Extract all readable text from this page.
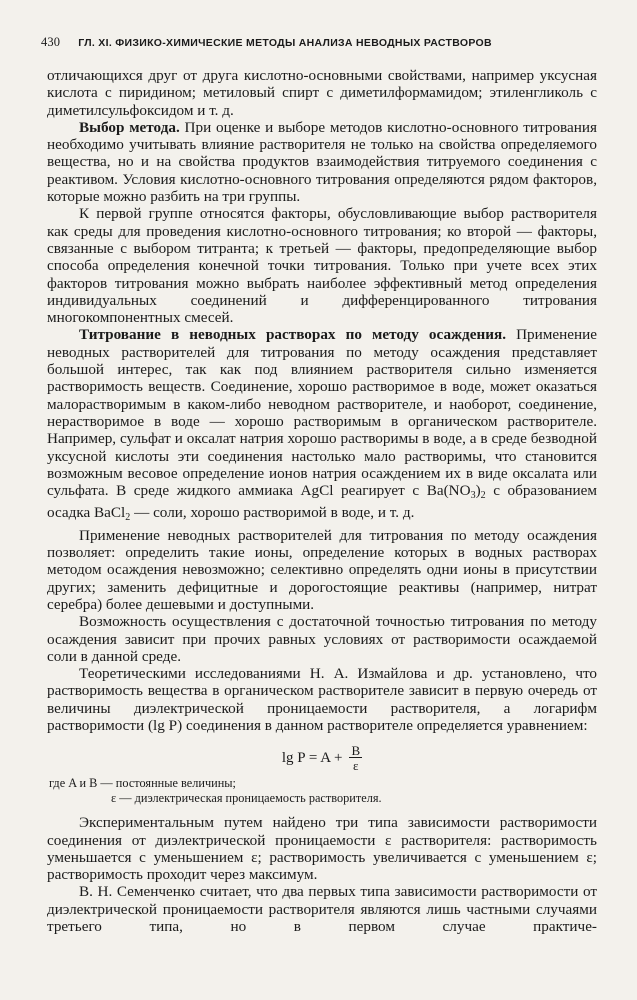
430 ГЛ. XI. ФИЗИКО-ХИМИЧЕСКИЕ МЕТОДЫ АНАЛИЗА НЕВОДНЫХ РАСТВОРОВ

отличающихся друг от друга кислотно-основными свойствами, например уксусная кислота с пиридином; метиловый спирт с диметилформамидом; этиленгликоль с диметилсульфоксидом и т. д.

Выбор метода. При оценке и выборе методов кислотно-основного титрования необходимо учитывать влияние растворителя не только на свойства определяемого вещества, но и на свойства продуктов взаимодействия титруемого соединения с реактивом. Условия кислотно-основного титрования определяются рядом факторов, которые можно разбить на три группы.

К первой группе относятся факторы, обусловливающие выбор растворителя как среды для проведения кислотно-основного титрования; ко второй — факторы, связанные с выбором титранта; к третьей — факторы, предопределяющие выбор способа определения конечной точки титрования. Только при учете всех этих факторов титрования можно выбрать наиболее эффективный метод определения индивидуальных соединений и дифференцированного титрования многокомпонентных смесей.

Титрование в неводных растворах по методу осаждения. Применение неводных растворителей для титрования по методу осаждения представляет большой интерес, так как под влиянием растворителя сильно изменяется растворимость веществ. Соединение, хорошо растворимое в воде, может оказаться малорастворимым в каком-либо неводном растворителе, и наоборот, соединение, нерастворимое в воде — хорошо растворимым в органическом растворителе. Например, сульфат и оксалат натрия хорошо растворимы в воде, а в среде безводной уксусной кислоты эти соединения настолько мало растворимы, что становится возможным весовое определение ионов натрия осаждением их в виде оксалата или сульфата. В среде жидкого аммиака AgCl реагирует с $Ba(NO_3)_2$ с образованием осадка BaCl$_2$ — соли, хорошо растворимой в воде, и т. д.

Применение неводных растворителей для титрования по методу осаждения позволяет: определить такие ионы, определение которых в водных растворах методом осаждения невозможно; селективно определять одни ионы в присутствии других; заменить дефицитные и дорогостоящие реактивы (например, нитрат серебра) более дешевыми и доступными.

Возможность осуществления с достаточной точностью титрования по методу осаждения зависит при прочих равных условиях от растворимости осаждаемой соли в данной среде.

Теоретическими исследованиями Н. А. Измайлова и др. установлено, что растворимость вещества в органическом растворителе зависит в первую очередь от величины диэлектрической проницаемости растворителя, а логарифм растворимости (lg P) соединения в данном растворителе определяется уравнением:

$\lg P = A + \frac{B}{\varepsilon}$
где A и B — постоянные величины;
ε — диэлектрическая проницаемость растворителя.

Экспериментальным путем найдено три типа зависимости растворимости соединения от диэлектрической проницаемости ε растворителя: растворимость уменьшается с уменьшением ε; растворимость увеличивается с уменьшением ε; растворимость проходит через максимум.

В. Н. Семенченко считает, что два первых типа зависимости растворимости от диэлектрической проницаемости растворителя являются лишь частными случаями третьего типа, но в первом случае практиче-
